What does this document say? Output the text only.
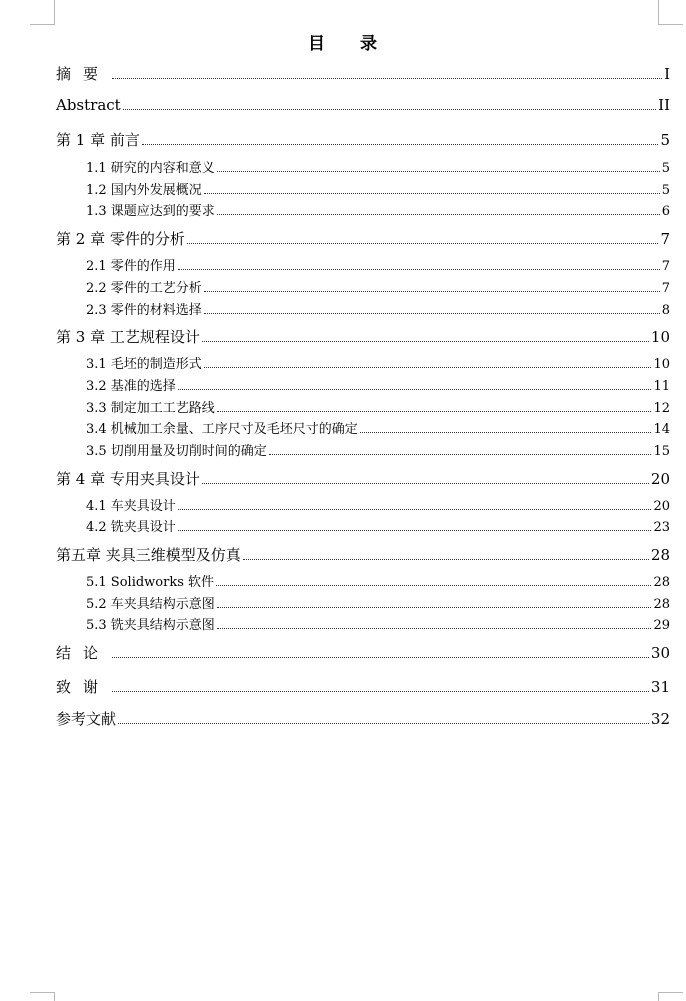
目 录
摘要	I
Abstract	II
第 1 章 前言	5
1.1 研究的内容和意义	5
1.2 国内外发展概况	5
1.3 课题应达到的要求	6
第 2 章 零件的分析	7
2.1 零件的作用	7
2.2 零件的工艺分析	7
2.3 零件的材料选择	8
第 3 章 工艺规程设计	10
3.1 毛坯的制造形式	10
3.2 基准的选择	11
3.3 制定加工工艺路线	12
3.4 机械加工余量、工序尺寸及毛坯尺寸的确定	14
3.5 切削用量及切削时间的确定	15
第 4 章 专用夹具设计	20
4.1 车夹具设计	20
4.2 铣夹具设计	23
第五章 夹具三维模型及仿真	28
5.1 Solidworks 软件	28
5.2 车夹具结构示意图	28
5.3 铣夹具结构示意图	29
结论	30
致谢	31
参考文献	32
